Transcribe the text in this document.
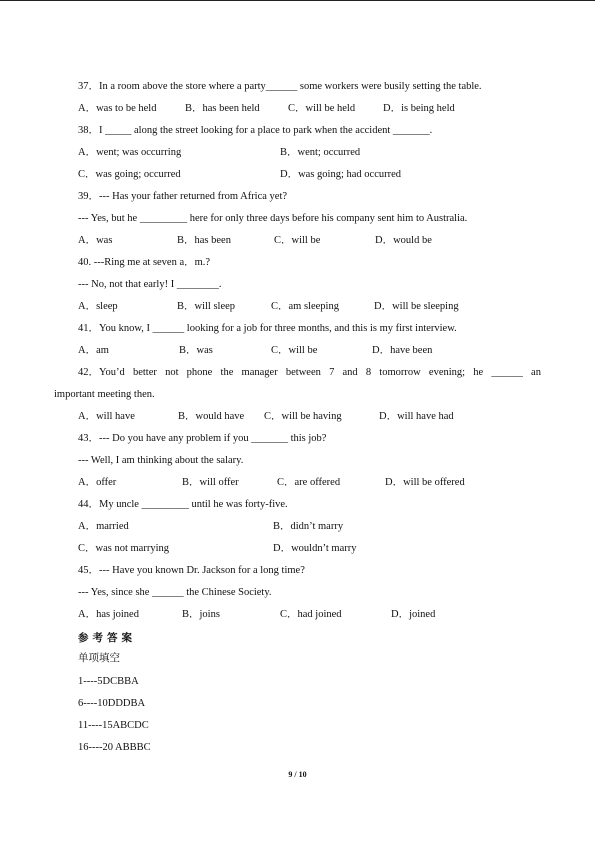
37．In a room above the store where a party______ some workers were busily setting the table.
A．was to be held	B．has been held	C．will be held	D．is being held
38．I _____ along the street looking for a place to park when the accident _______.
A．went; was occurring	B．went; occurred
C．was going; occurred	D．was going; had occurred
39．--- Has your father returned from Africa yet?
--- Yes, but he _________ here for only three days before his company sent him to Australia.
A．was	B．has been	C．will be	D．would be
40. ---Ring me at seven a．m.?
--- No, not that early! I ________.
A．sleep	B．will sleep	C．am sleeping	D．will be sleeping
41．You know, I ______ looking for a job for three months, and this is my first interview.
A．am	B．was	C．will be	D．have been
42．You’d better not phone the manager between 7 and 8 tomorrow evening; he ______ an
important meeting then.
A．will have	B．would have C．will be having	D．will have had
43．--- Do you have any problem if you _______ this job?
--- Well, I am thinking about the salary.
A．offer	B．will offer	C．are offered	D．will be offered
44．My uncle _________ until he was forty-five.
A．married	B．didn’t marry
C．was not marrying	D．wouldn’t marry
45．--- Have you known Dr. Jackson for a long time?
--- Yes, since she ______ the Chinese Society.
A．has joined	B．joins	C．had joined	D．joined
参考答案
单项填空
1----5DCBBA
6----10DDDBA
11----15ABCDC
16----20 ABBBC
9 / 10
